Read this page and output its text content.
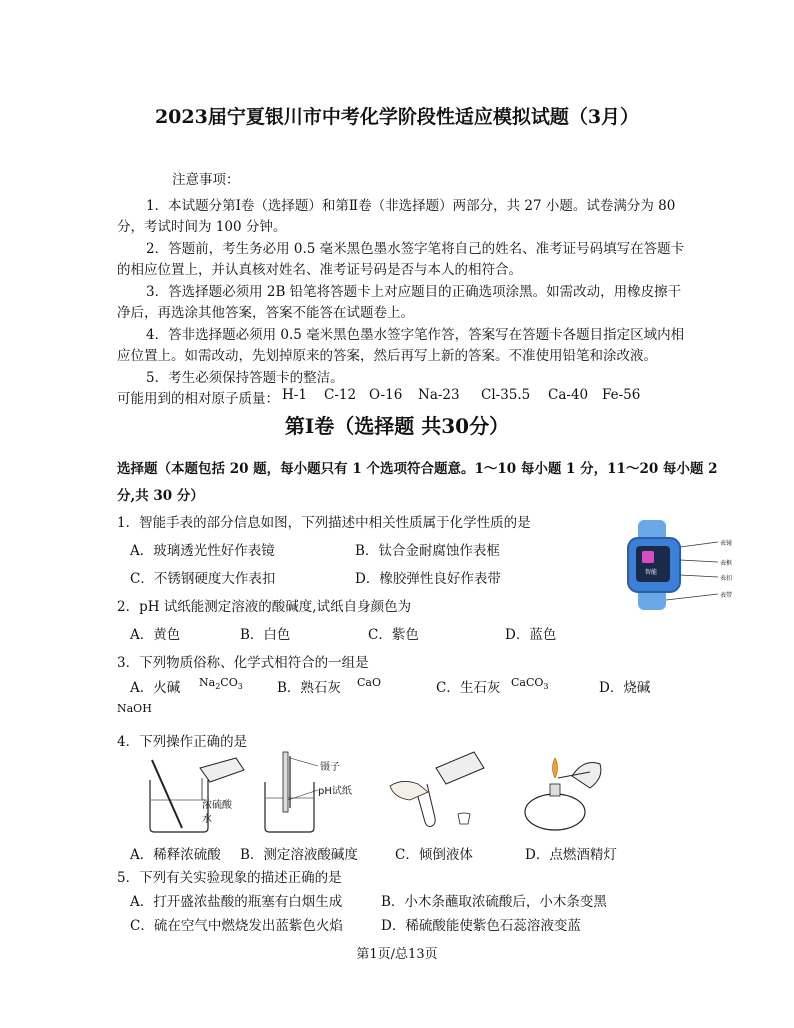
2023届宁夏银川市中考化学阶段性适应模拟试题（3月）
注意事项：
1．本试题分第Ⅰ卷（选择题）和第Ⅱ卷（非选择题）两部分，共 27 小题。试卷满分为 80
分，考试时间为 100 分钟。
2．答题前，考生务必用 0.5 毫米黑色墨水签字笔将自己的姓名、准考证号码填写在答题卡
的相应位置上，并认真核对姓名、准考证号码是否与本人的相符合。
3．答选择题必须用 2B 铅笔将答题卡上对应题目的正确选项涂黑。如需改动，用橡皮擦干
净后，再选涂其他答案，答案不能答在试题卷上。
4．答非选择题必须用 0.5 毫米黑色墨水签字笔作答，答案写在答题卡各题目指定区域内相
应位置上。如需改动，先划掉原来的答案，然后再写上新的答案。不准使用铅笔和涂改液。
5．考生必须保持答题卡的整洁。
可能用到的相对原子质量： H-1 C-12 O-16 Na-23 Cl-35.5 Ca-40 Fe-56
第Ⅰ卷（选择题 共30分）
选择题（本题包括 20 题，每小题只有 1 个选项符合题意。1～10 每小题 1 分，11～20 每小题 2
分,共 30 分）
1．智能手表的部分信息如图，下列描述中相关性质属于化学性质的是
A．玻璃透光性好作表镜	B．钛合金耐腐蚀作表框
C．不锈钢硬度大作表扣	D．橡胶弹性良好作表带	智能
表镜
表框
表扣
表带
2．pH 试纸能测定溶液的酸碱度,试纸自身颜色为
A．黄色	B．白色	C．紫色	D．蓝色
3．下列物质俗称、化学式相符合的一组是
A．火碱 $Na_2CO_3$	B．熟石灰 CaO	C．生石灰 CaCO$_3$	D．烧碱
NaOH
4．下列操作正确的是
浓硫酸
水
镊子
pH试纸
A．稀释浓硫酸 B．测定溶液酸碱度	C．倾倒液体	D．点燃酒精灯
5．下列有关实验现象的描述正确的是
A．打开盛浓盐酸的瓶塞有白烟生成	B．小木条蘸取浓硫酸后，小木条变黑
C．硫在空气中燃烧发出蓝紫色火焰	D．稀硫酸能使紫色石蕊溶液变蓝
第1页/总13页
